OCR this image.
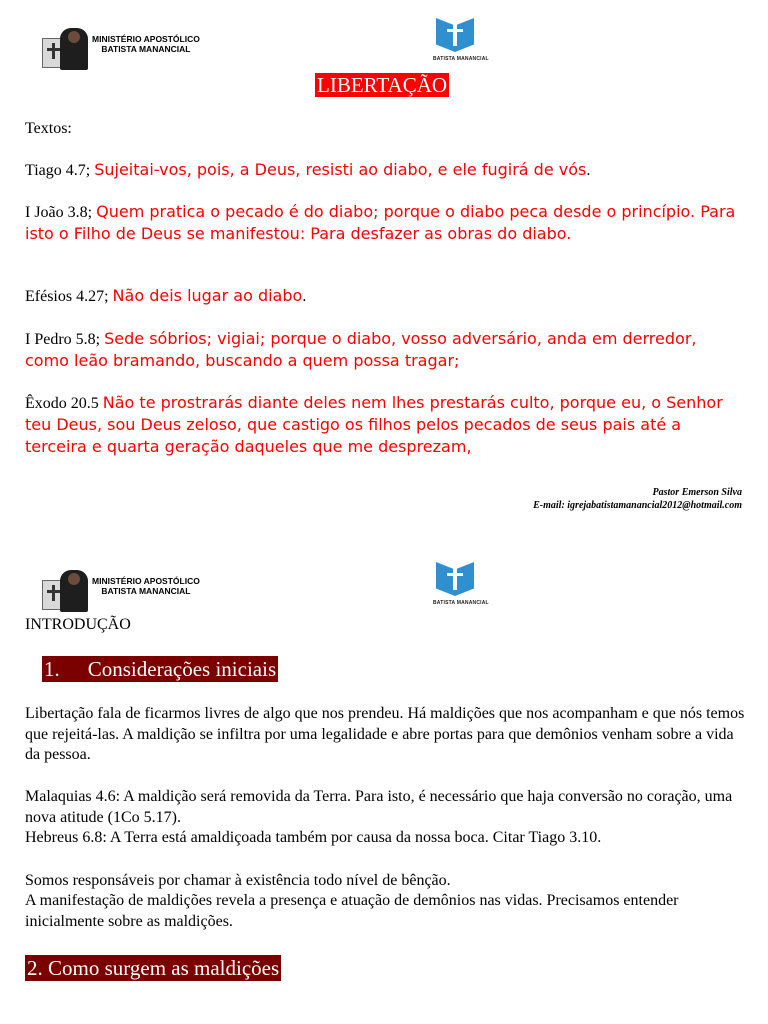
MINISTÉRIO APOSTÓLICO
BATISTA MANANCIAL
BATISTA MANANCIAL
LIBERTAÇÃO
Textos:
Tiago 4.7; Sujeitai-vos, pois, a Deus, resisti ao diabo, e ele fugirá de vós.
I João 3.8; Quem pratica o pecado é do diabo; porque o diabo peca desde o princípio. Para isto o Filho de Deus se manifestou: Para desfazer as obras do diabo.
Efésios 4.27; Não deis lugar ao diabo.
I Pedro 5.8; Sede sóbrios; vigiai; porque o diabo, vosso adversário, anda em derredor, como leão bramando, buscando a quem possa tragar;
Êxodo 20.5 Não te prostrarás diante deles nem lhes prestarás culto, porque eu, o Senhor teu Deus, sou Deus zeloso, que castigo os filhos pelos pecados de seus pais até a terceira e quarta geração daqueles que me desprezam,
Pastor Emerson Silva
E-mail: igrejabatistamanancial2012@hotmail.com
MINISTÉRIO APOSTÓLICO
BATISTA MANANCIAL
BATISTA MANANCIAL
INTRODUÇÃO
1. Considerações iniciais

Libertação fala de ficarmos livres de algo que nos prendeu. Há maldições que nos acompanham e que nós temos que rejeitá-las. A maldição se infiltra por uma legalidade e abre portas para que demônios venham sobre a vida da pessoa.

Malaquias 4.6: A maldição será removida da Terra. Para isto, é necessário que haja conversão no coração, uma nova atitude (1Co 5.17).

Hebreus 6.8: A Terra está amaldiçoada também por causa da nossa boca. Citar Tiago 3.10.

Somos responsáveis por chamar à existência todo nível de bênção.

A manifestação de maldições revela a presença e atuação de demônios nas vidas. Precisamos entender inicialmente sobre as maldições.

2. Como surgem as maldições
